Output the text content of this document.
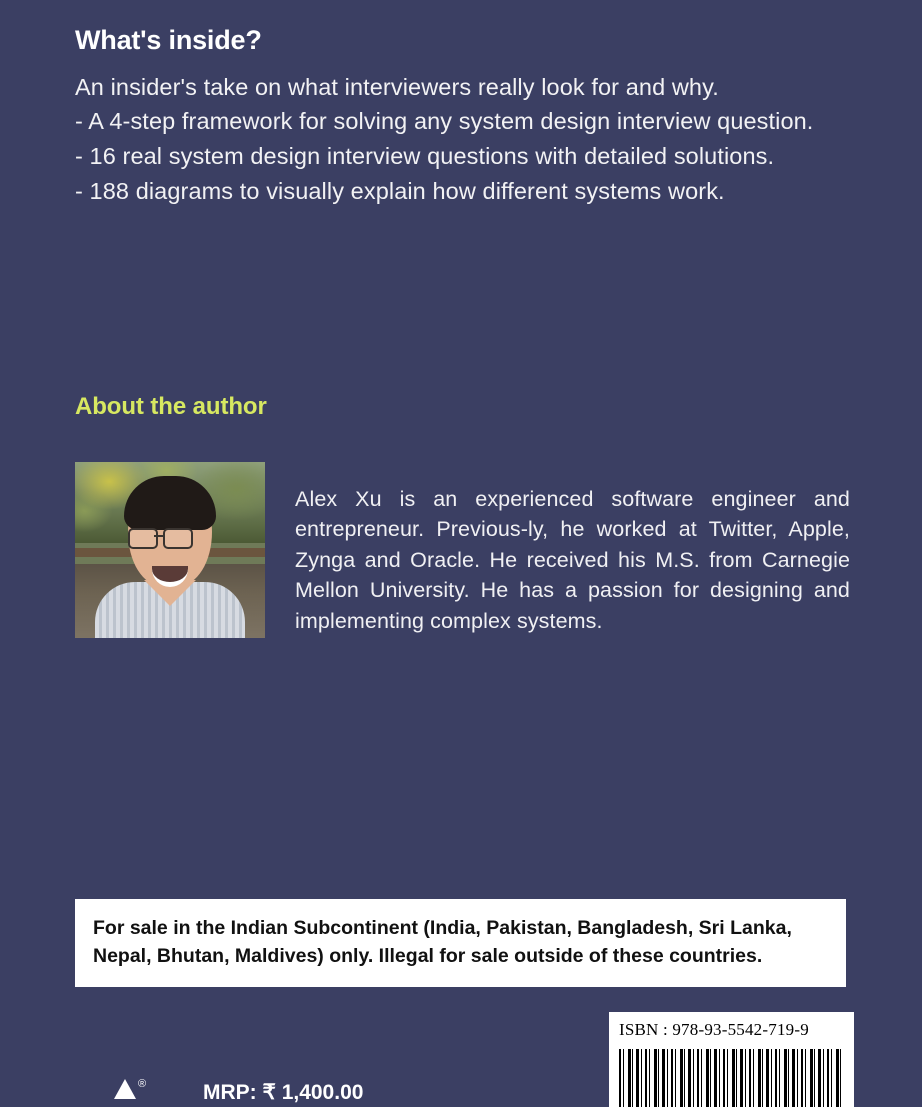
What's inside?
An insider's take on what interviewers really look for and why.
- A 4-step framework for solving any system design interview question.
- 16 real system design interview questions with detailed solutions.
- 188 diagrams to visually explain how different systems work.
About the author

Alex Xu is an experienced software engineer and entrepreneur. Previous-ly, he worked at Twitter, Apple, Zynga and Oracle. He received his M.S. from Carnegie Mellon University. He has a passion for designing and implementing complex systems.

For sale in the Indian Subcontinent (India, Pakistan, Bangladesh, Sri Lanka, Nepal, Bhutan, Maldives) only. Illegal for sale outside of these countries.
ISBN : 978-93-5542-719-9
®	MRP: ₹ 1,400.00
